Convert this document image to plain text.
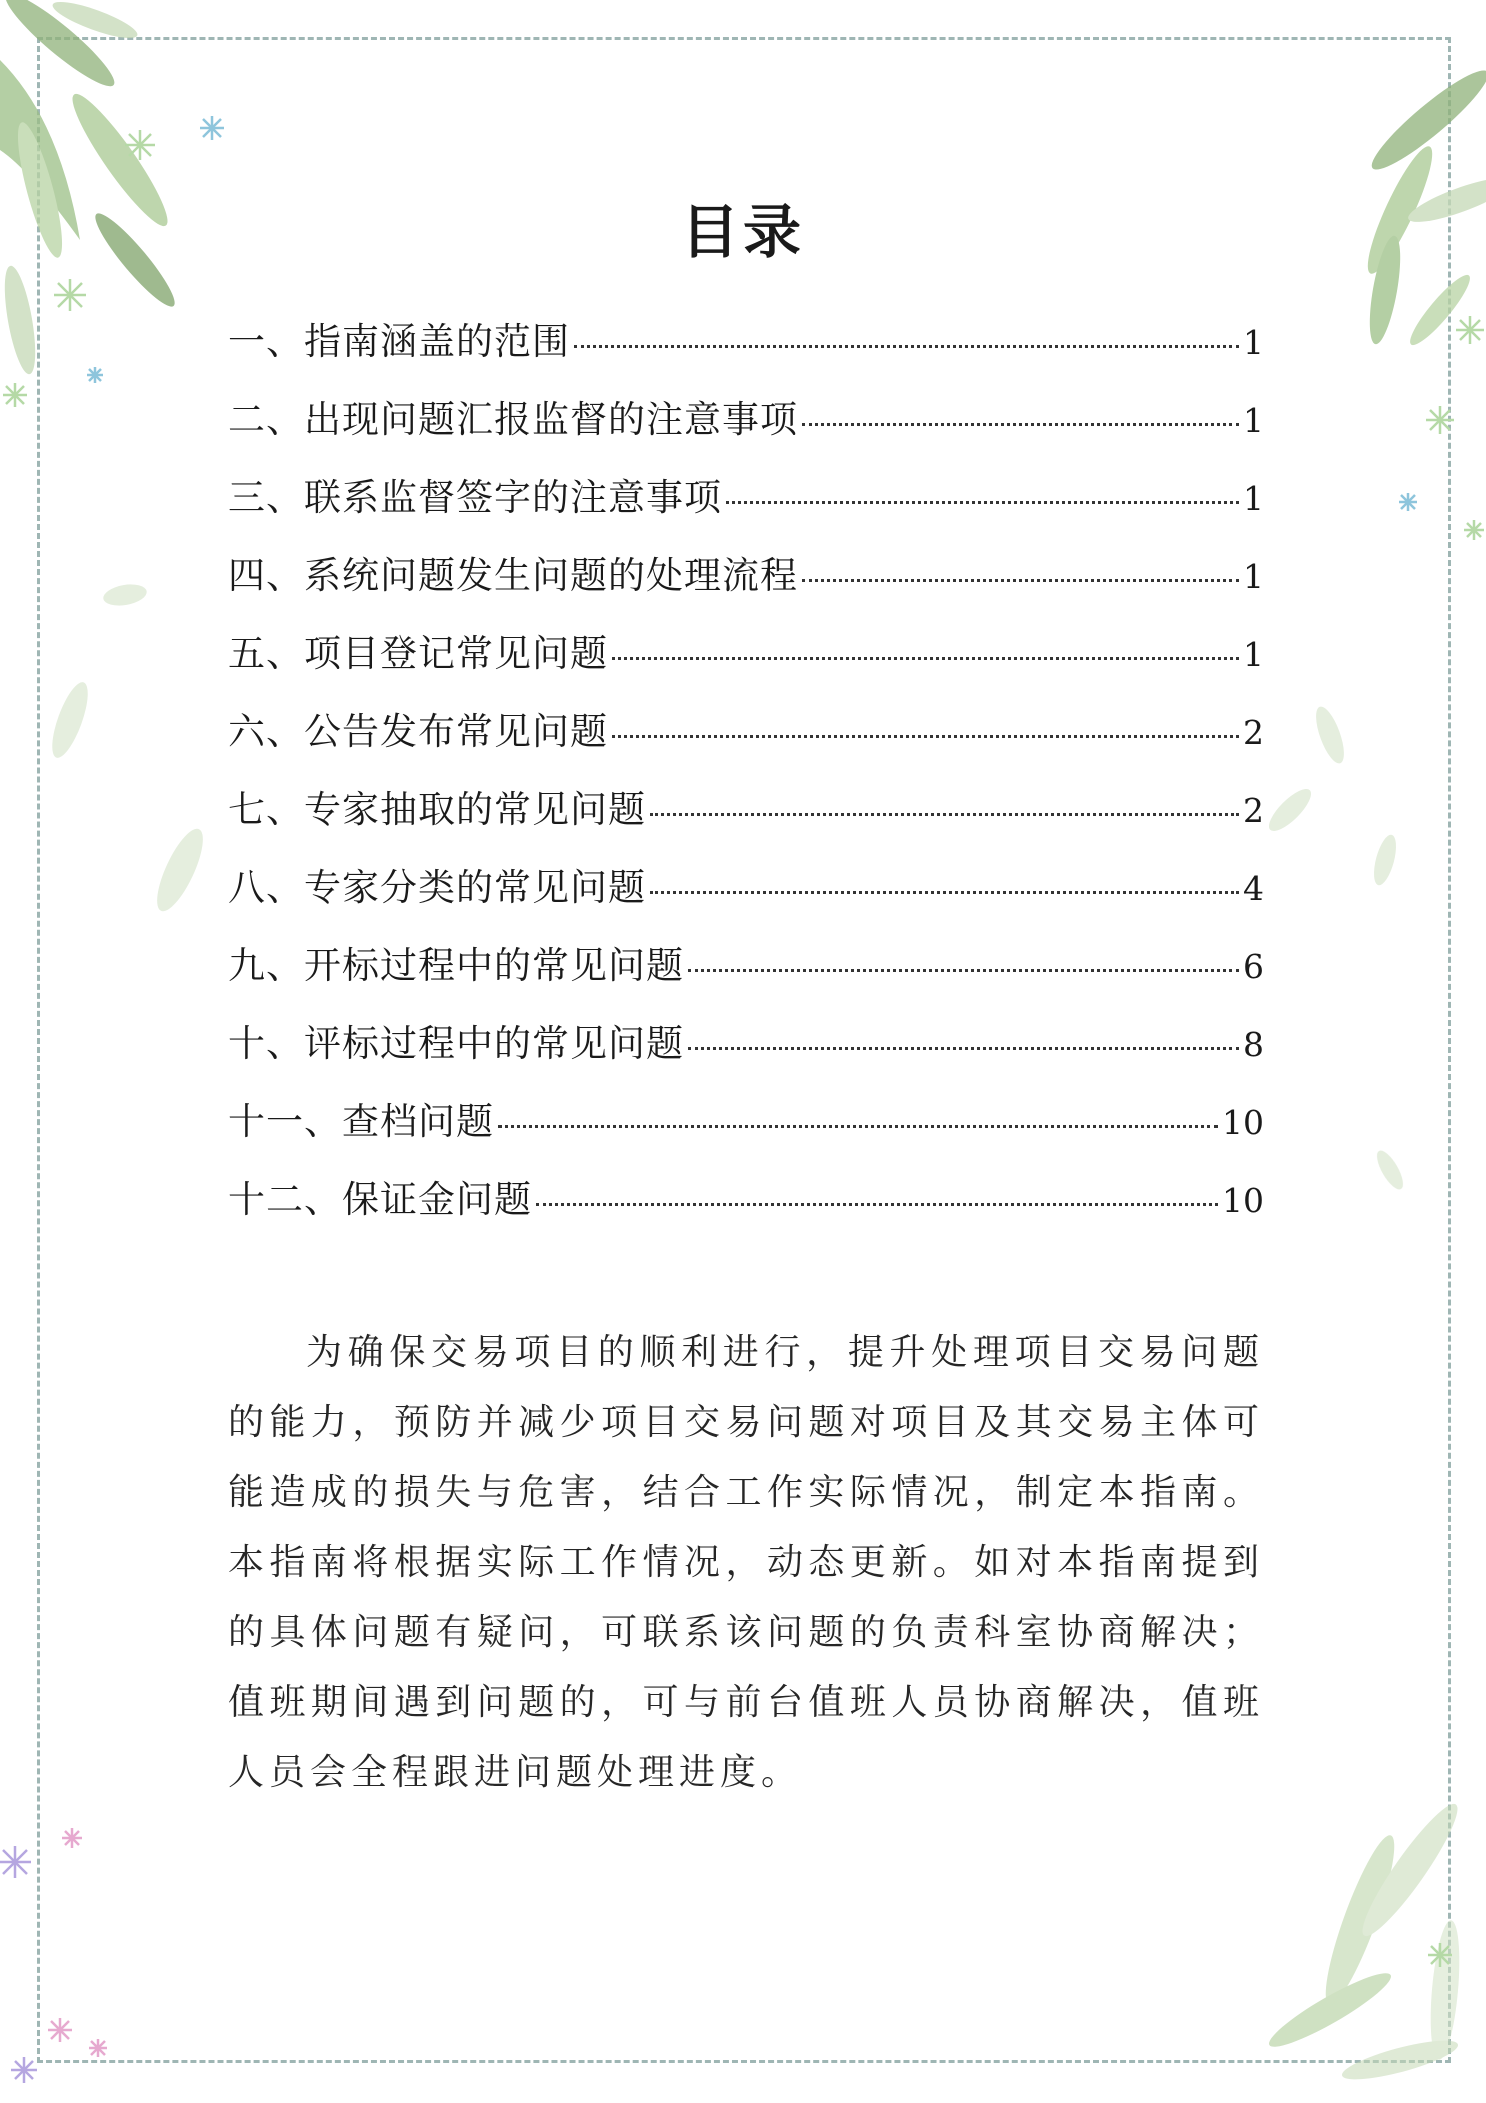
目录
一、指南涵盖的范围	1
二、出现问题汇报监督的注意事项	1
三、联系监督签字的注意事项	1
四、系统问题发生问题的处理流程	1
五、项目登记常见问题	1
六、公告发布常见问题	2
七、专家抽取的常见问题	2
八、专家分类的常见问题	4
九、开标过程中的常见问题	6
十、评标过程中的常见问题	8
十一、查档问题	10
十二、保证金问题	10

为确保交易项目的顺利进行，提升处理项目交易问题的能力，预防并减少项目交易问题对项目及其交易主体可能造成的损失与危害，结合工作实际情况，制定本指南。本指南将根据实际工作情况，动态更新。如对本指南提到的具体问题有疑问，可联系该问题的负责科室协商解决；值班期间遇到问题的，可与前台值班人员协商解决，值班人员会全程跟进问题处理进度。
